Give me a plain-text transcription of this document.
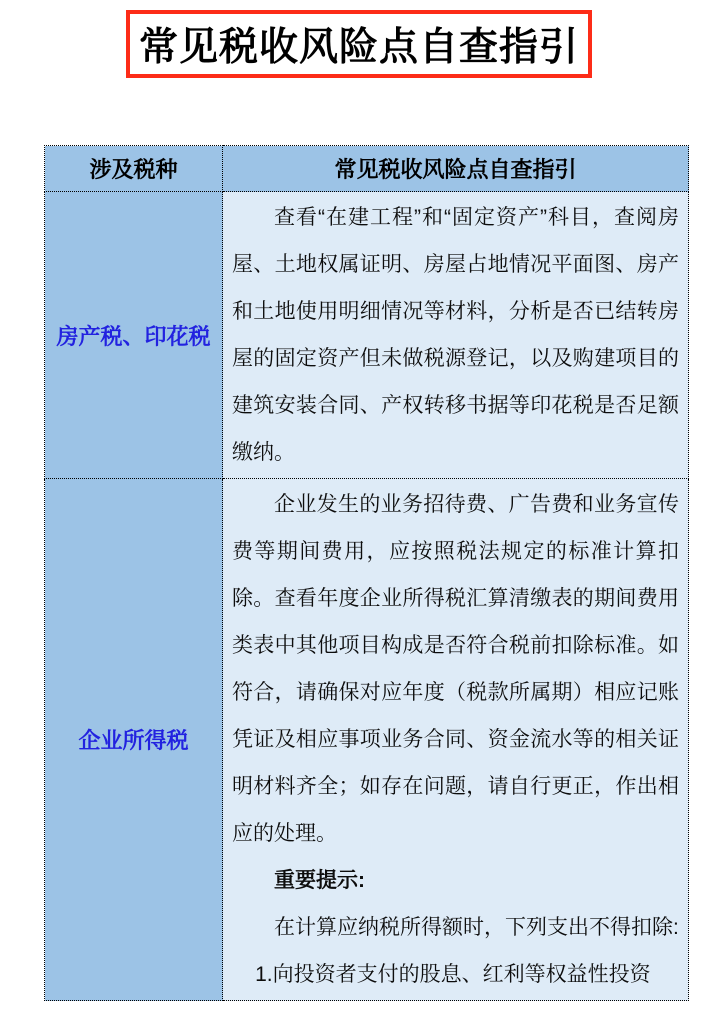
常见税收风险点自查指引
涉及税种	常见税收风险点自查指引
房产税、印花税	查看“在建工程”和“固定资产”科目，查阅房屋、土地权属证明、房屋占地情况平面图、房产和土地使用明细情况等材料，分析是否已结转房屋的固定资产但未做税源登记，以及购建项目的建筑安装合同、产权转移书据等印花税是否足额缴纳。

企业所得税	企业发生的业务招待费、广告费和业务宣传费等期间费用，应按照税法规定的标准计算扣除。查看年度企业所得税汇算清缴表的期间费用类表中其他项目构成是否符合税前扣除标准。如符合，请确保对应年度（税款所属期）相应记账凭证及相应事项业务合同、资金流水等的相关证明材料齐全；如存在问题，请自行更正，作出相应的处理。

重要提示:

在计算应纳税所得额时，下列支出不得扣除:

1.向投资者支付的股息、红利等权益性投资
